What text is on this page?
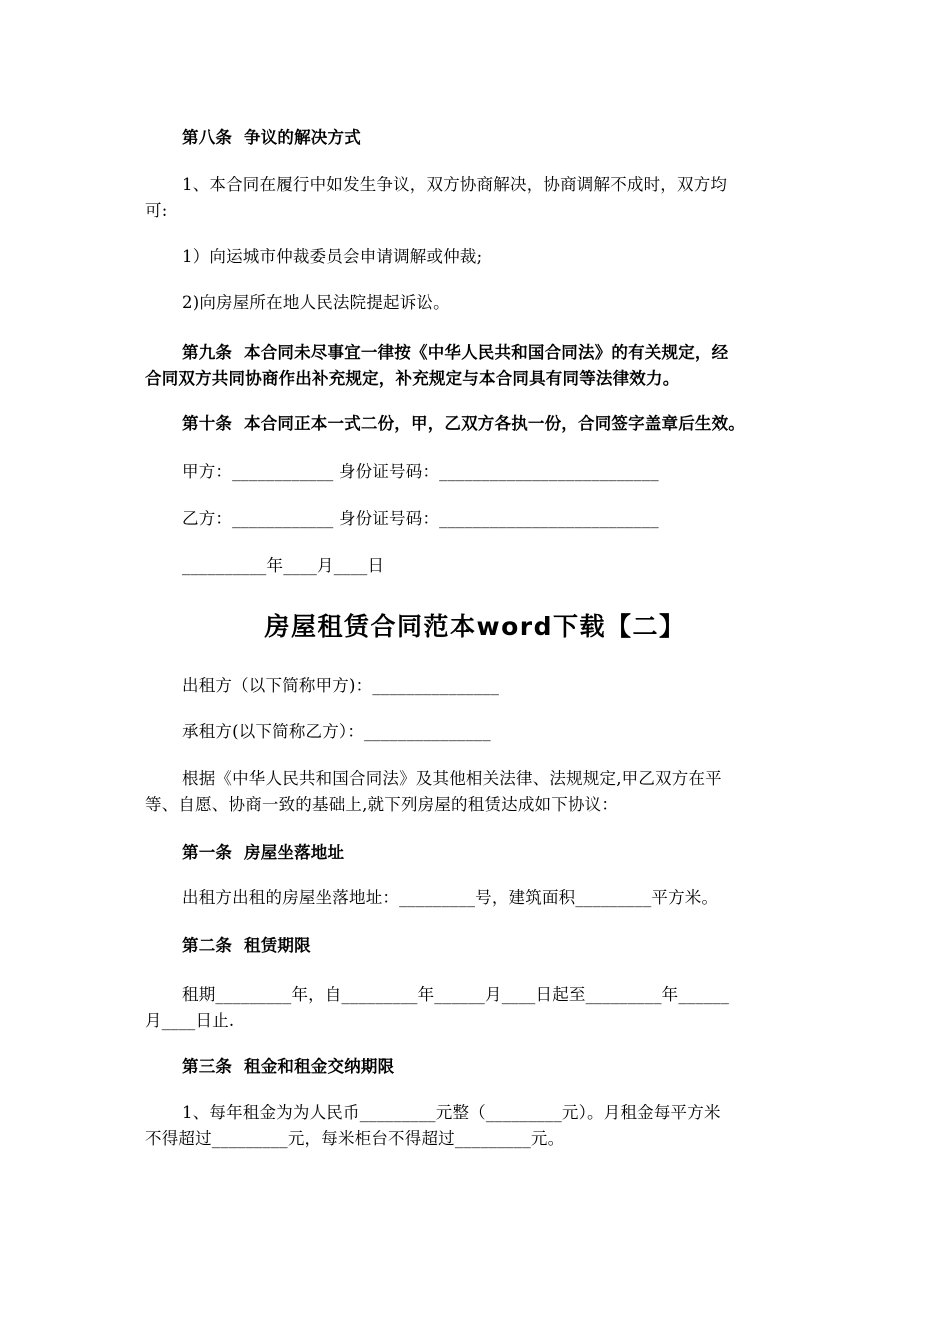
第八条  争议的解决方式
1、本合同在履行中如发生争议，双方协商解决，协商调解不成时，双方均
可:
1）向运城市仲裁委员会申请调解或仲裁;
2)向房屋所在地人民法院提起诉讼。
第九条  本合同未尽事宜一律按《中华人民共和国合同法》的有关规定，经
合同双方共同协商作出补充规定，补充规定与本合同具有同等法律效力。
第十条  本合同正本一式二份，甲，乙双方各执一份，合同签字盖章后生效。
甲方：____________ 身份证号码：__________________________
乙方：____________ 身份证号码：__________________________
__________年____月____日
房屋租赁合同范本word下载【二】
出租方（以下简称甲方)：_______________
承租方(以下简称乙方）：_______________
根据《中华人民共和国合同法》及其他相关法律、法规规定,甲乙双方在平
等、自愿、协商一致的基础上,就下列房屋的租赁达成如下协议：
第一条  房屋坐落地址
出租方出租的房屋坐落地址：_________号，建筑面积_________平方米。
第二条  租赁期限
租期_________年，自_________年______月____日起至_________年______
月____日止.
第三条  租金和租金交纳期限
1、每年租金为为人民币_________元整（_________元）。月租金每平方米
不得超过_________元，每米柜台不得超过_________元。
